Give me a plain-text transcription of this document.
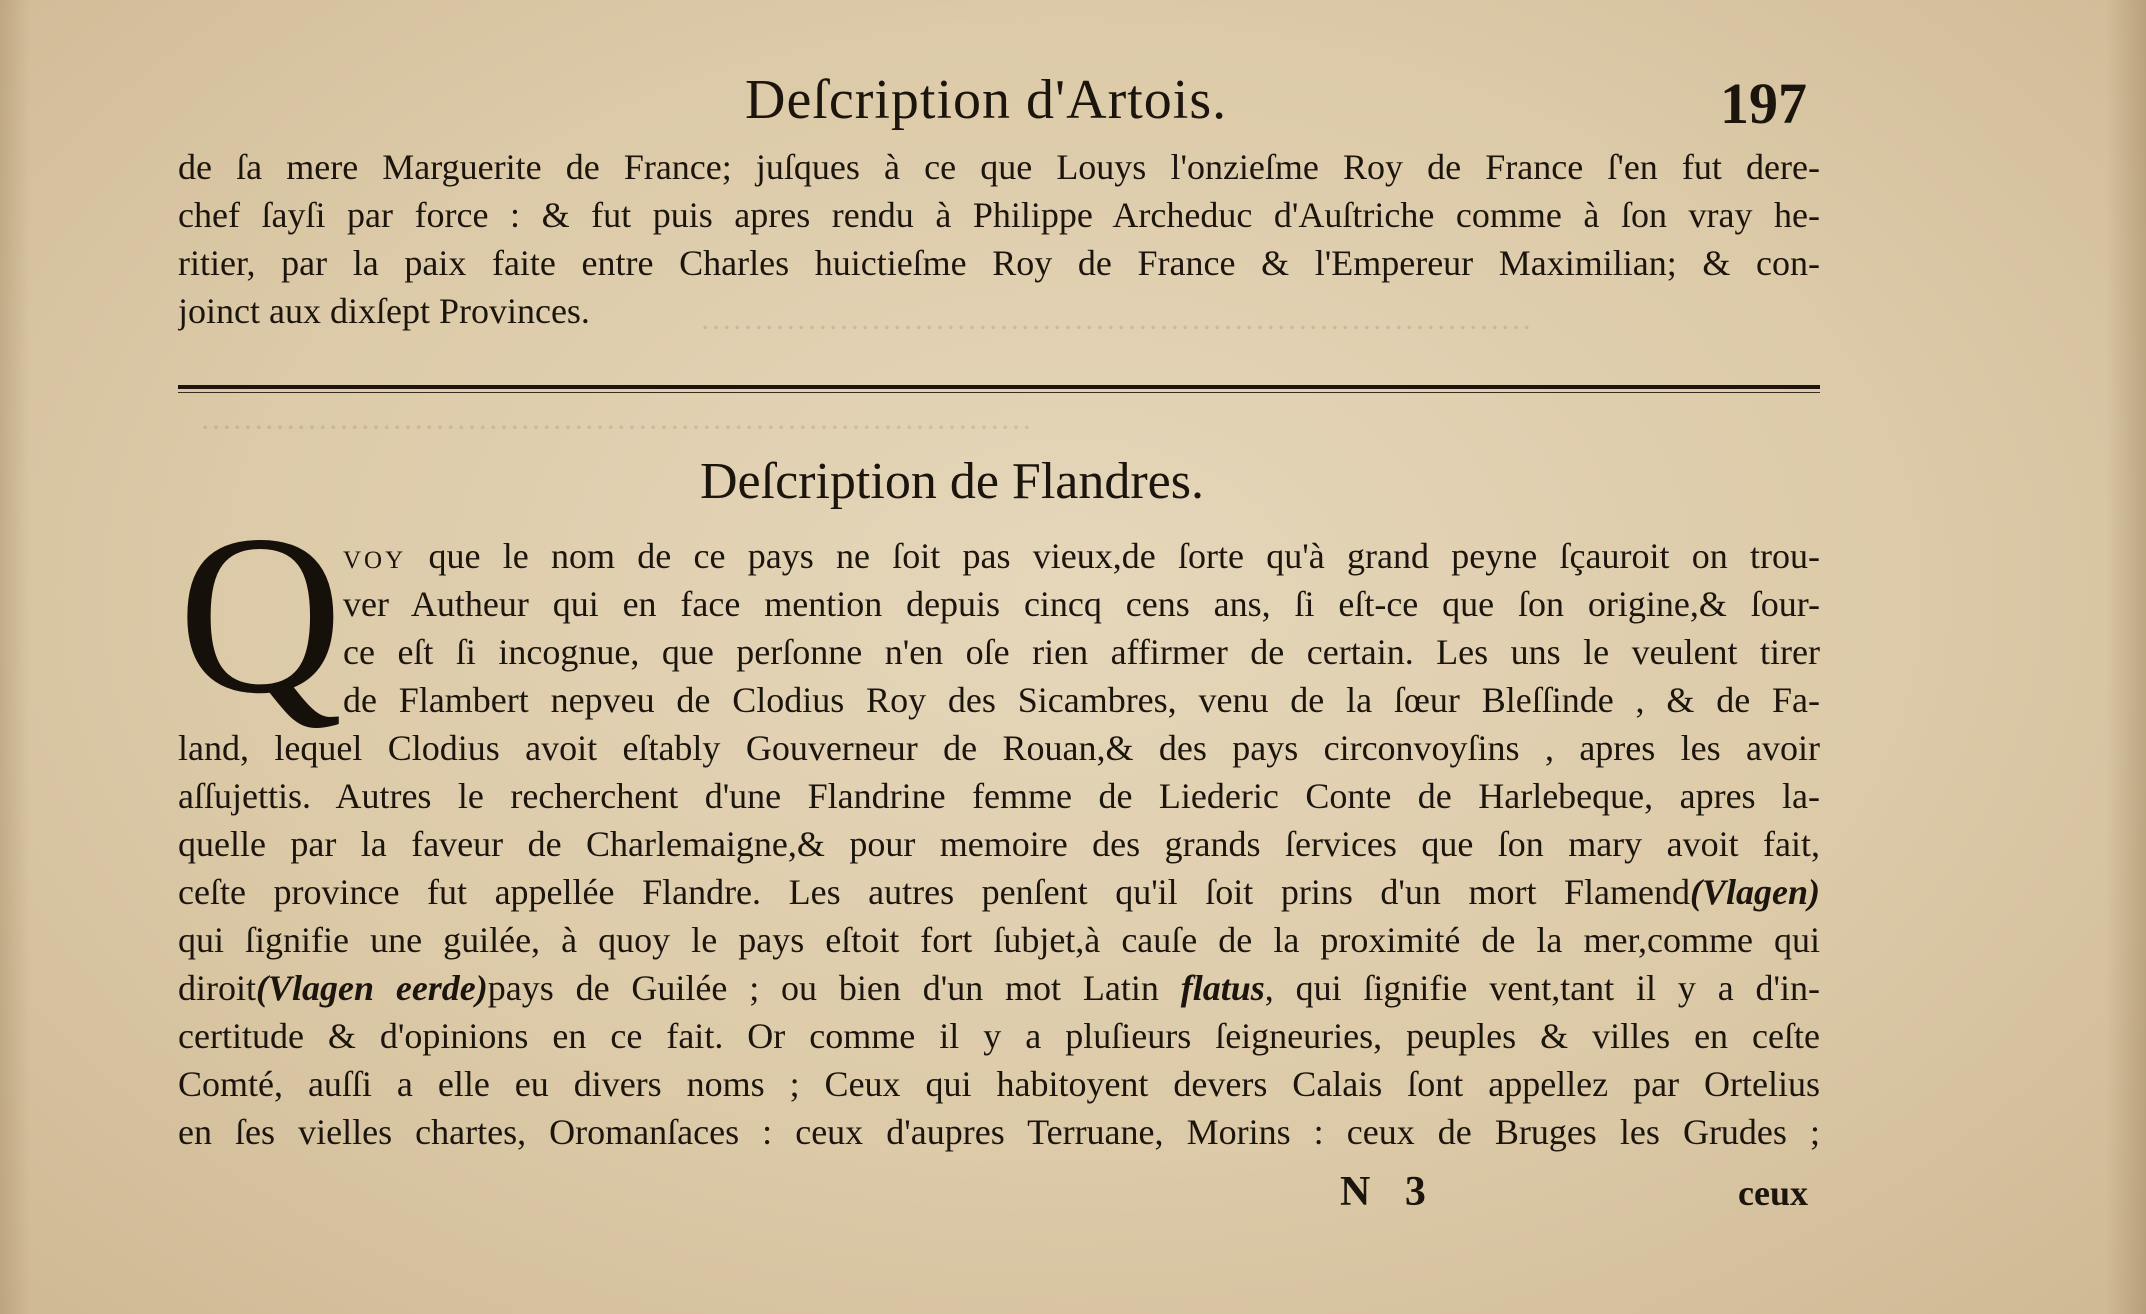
……………………………………………………………………
……………………………………………………………………
Deſcription d'Artois.	197
de ſa mere Marguerite de France; juſques à ce que Louys l'onzieſme Roy de France ſ'en fut dere-
chef ſayſi par force : & fut puis apres rendu à Philippe Archeduc d'Auſtriche comme à ſon vray he-
ritier, par la paix faite entre Charles huictieſme Roy de France & l'Empereur Maximilian; & con-
joinct aux dixſept Provinces.
Deſcription de Flandres.
Q voy que le nom de ce pays ne ſoit pas vieux,de ſorte qu'à grand peyne ſçauroit on trou-
ver Autheur qui en face mention depuis cincq cens ans, ſi eſt-ce que ſon origine,& ſour-
ce eſt ſi incognue, que perſonne n'en oſe rien affirmer de certain. Les uns le veulent tirer
de Flambert nepveu de Clodius Roy des Sicambres, venu de la ſœur Bleſſinde , & de Fa-
land, lequel Clodius avoit eſtably Gouverneur de Rouan,& des pays circonvoyſins , apres les avoir
aſſujettis. Autres le recherchent d'une Flandrine femme de Liederic Conte de Harlebeque, apres la-
quelle par la faveur de Charlemaigne,& pour memoire des grands ſervices que ſon mary avoit fait,
ceſte province fut appellée Flandre. Les autres penſent qu'il ſoit prins d'un mort Flamend(Vlagen)
qui ſignifie une guilée, à quoy le pays eſtoit fort ſubjet,à cauſe de la proximité de la mer,comme qui
diroit(Vlagen eerde)pays de Guilée ; ou bien d'un mot Latin flatus, qui ſignifie vent,tant il y a d'in-
certitude & d'opinions en ce fait. Or comme il y a pluſieurs ſeigneuries, peuples & villes en ceſte
Comté, auſſi a elle eu divers noms ; Ceux qui habitoyent devers Calais ſont appellez par Ortelius
en ſes vielles chartes, Oromanſaces : ceux d'aupres Terruane, Morins : ceux de Bruges les Grudes ;
N 3	ceux
